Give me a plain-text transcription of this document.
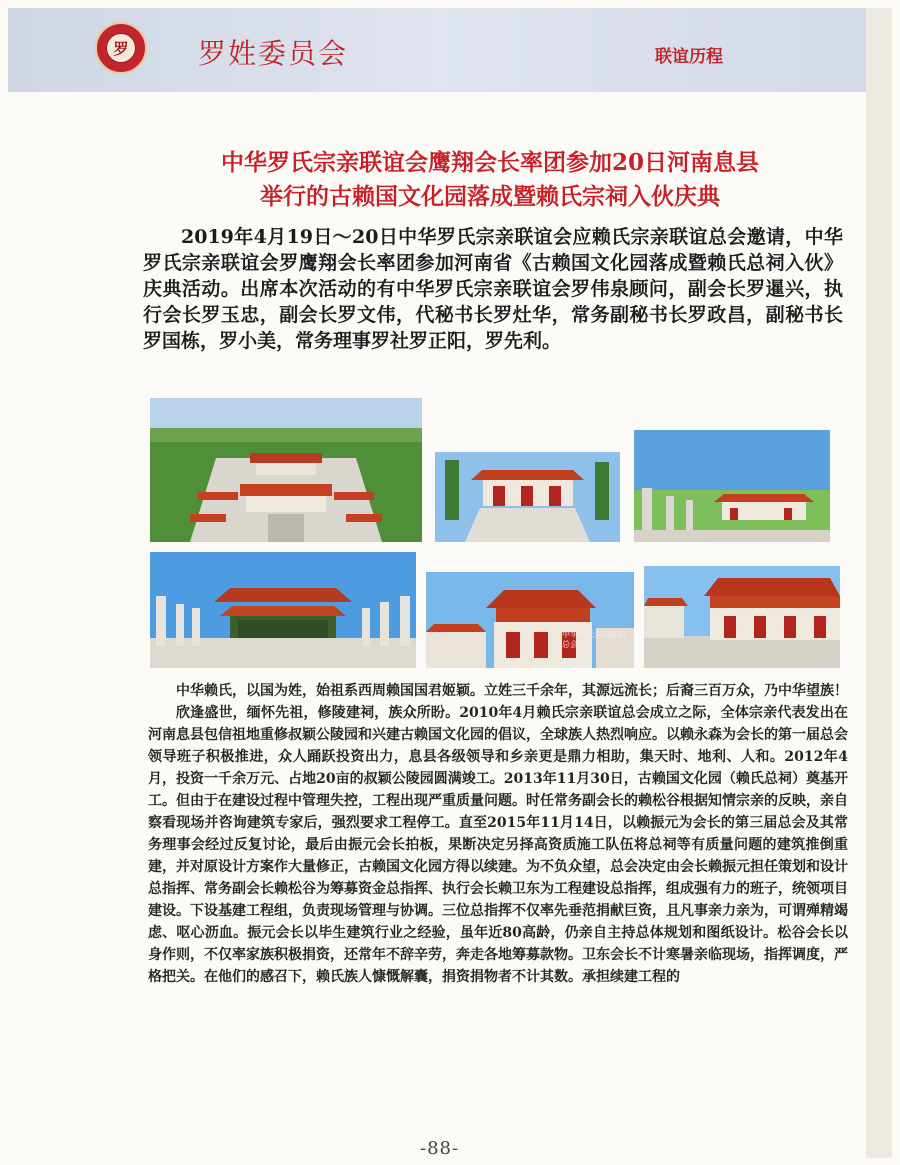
罗 罗姓委员会	联谊历程
中华罗氏宗亲联谊会鹰翔会长率团参加20日河南息县
举行的古赖国文化园落成暨赖氏宗祠入伙庆典
2019年4月19日～20日中华罗氏宗亲联谊会应赖氏宗亲联谊总会邀请，中华罗氏宗亲联谊会罗鹰翔会长率团参加河南省《古赖国文化园落成暨赖氏总祠入伙》庆典活动。出席本次活动的有中华罗氏宗亲联谊会罗伟泉顾问，副会长罗暹兴，执行会长罗玉忠，副会长罗文伟，代秘书长罗灶华，常务副秘书长罗政昌，副秘书长罗国栋，罗小美，常务理事罗社罗正阳，罗先利。
中华罗氏宗亲联谊总会

中华赖氏，以国为姓，始祖系西周赖国国君姬颖。立姓三千余年，其源远流长；后裔三百万众，乃中华望族！

欣逢盛世，缅怀先祖，修陵建祠，族众所盼。2010年4月赖氏宗亲联谊总会成立之际，全体宗亲代表发出在河南息县包信祖地重修叔颖公陵园和兴建古赖国文化园的倡议，全球族人热烈响应。以赖永森为会长的第一届总会领导班子积极推进，众人踊跃投资出力，息县各级领导和乡亲更是鼎力相助，集天时、地利、人和。2012年4月，投资一千余万元、占地20亩的叔颖公陵园圆满竣工。2013年11月30日，古赖国文化园（赖氏总祠）奠基开工。但由于在建设过程中管理失控，工程出现严重质量问题。时任常务副会长的赖松谷根据知情宗亲的反映，亲自察看现场并咨询建筑专家后，强烈要求工程停工。直至2015年11月14日，以赖振元为会长的第三届总会及其常务理事会经过反复讨论，最后由振元会长拍板，果断决定另择高资质施工队伍将总祠等有质量问题的建筑推倒重建，并对原设计方案作大量修正，古赖国文化园方得以续建。为不负众望，总会决定由会长赖振元担任策划和设计总指挥、常务副会长赖松谷为筹募资金总指挥、执行会长赖卫东为工程建设总指挥，组成强有力的班子，统领项目建设。下设基建工程组，负责现场管理与协调。三位总指挥不仅率先垂范捐献巨资，且凡事亲力亲为，可谓殚精竭虑、呕心沥血。振元会长以毕生建筑行业之经验，虽年近80高龄，仍亲自主持总体规划和图纸设计。松谷会长以身作则，不仅率家族积极捐资，还常年不辞辛劳，奔走各地筹募款物。卫东会长不计寒暑亲临现场，指挥调度，严格把关。在他们的感召下，赖氏族人慷慨解囊，捐资捐物者不计其数。承担续建工程的

-88-
